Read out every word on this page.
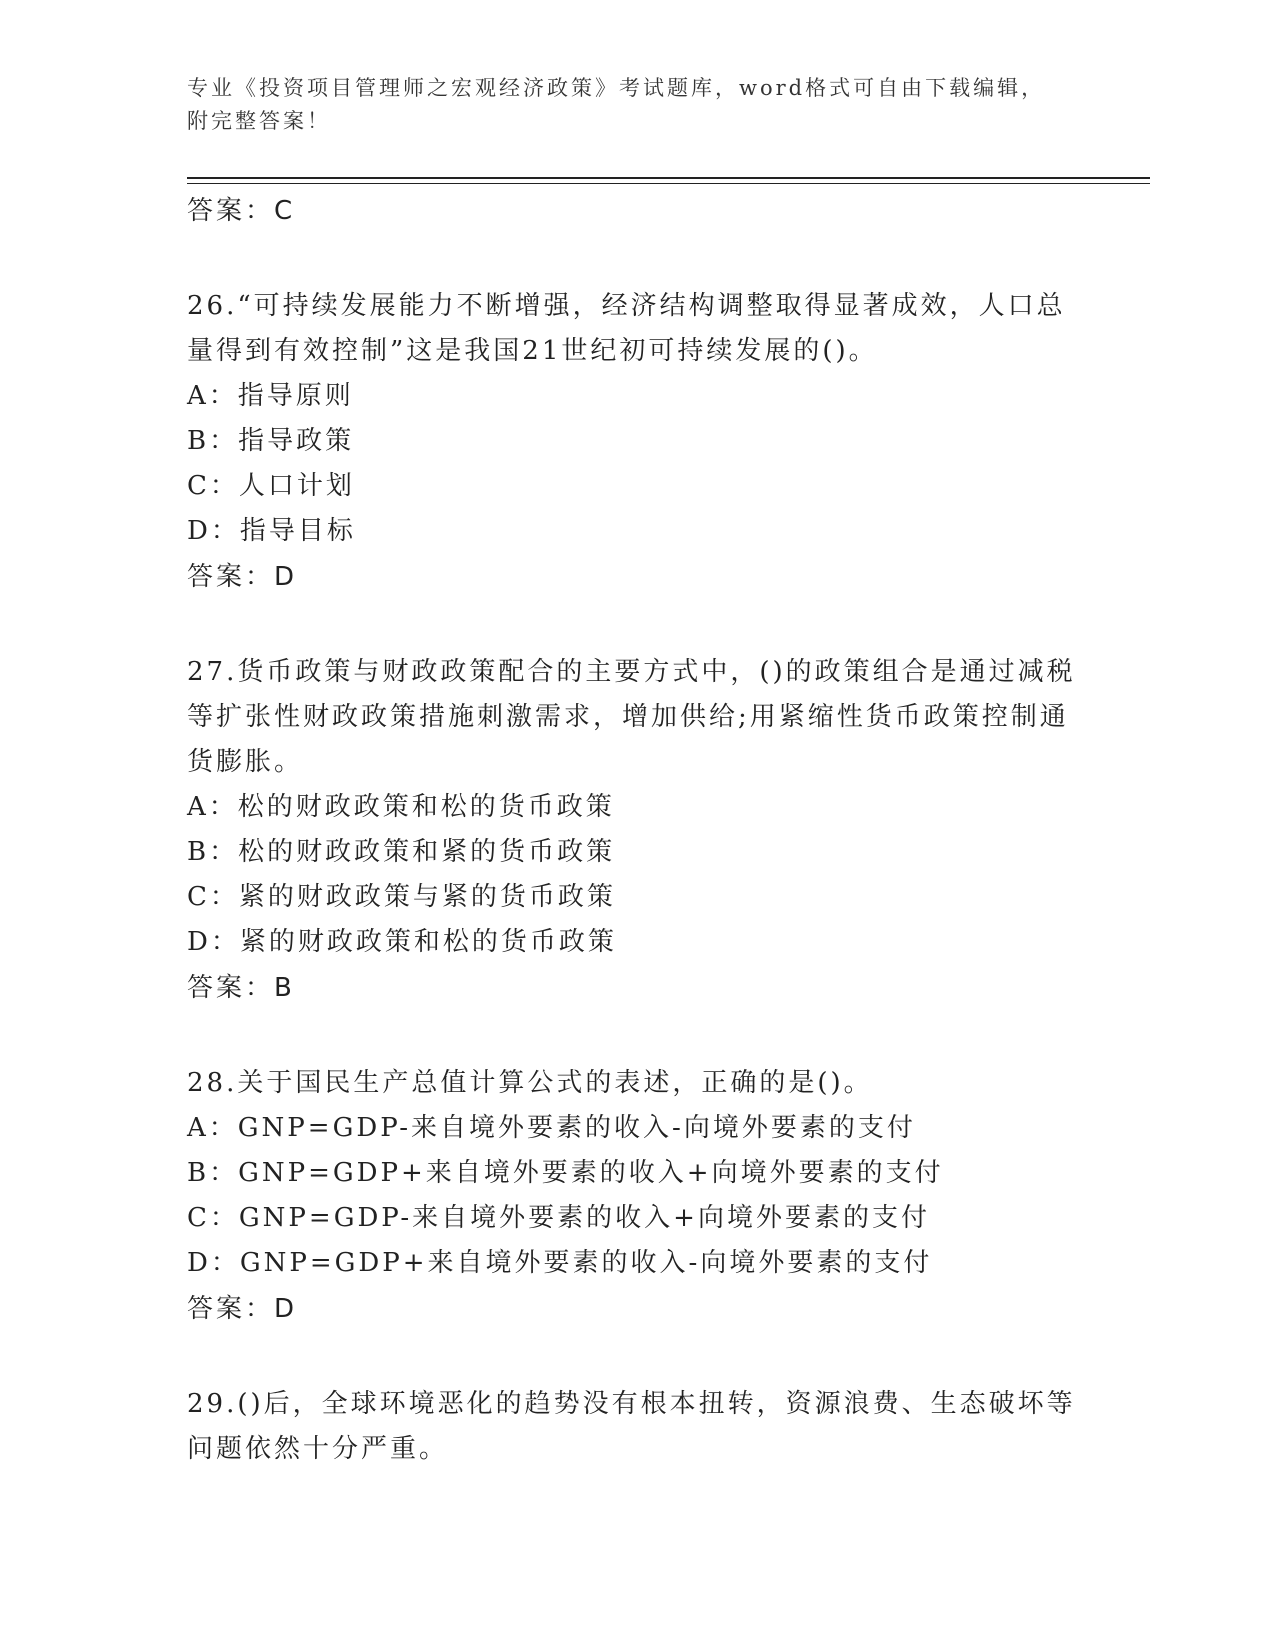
专业《投资项目管理师之宏观经济政策》考试题库，word格式可自由下载编辑，
附完整答案！
答案：C
26.“可持续发展能力不断增强，经济结构调整取得显著成效，人口总
量得到有效控制”这是我国21世纪初可持续发展的()。
A：指导原则
B：指导政策
C：人口计划
D：指导目标
答案：D
27.货币政策与财政政策配合的主要方式中，()的政策组合是通过减税
等扩张性财政政策措施刺激需求，增加供给;用紧缩性货币政策控制通
货膨胀。
A：松的财政政策和松的货币政策
B：松的财政政策和紧的货币政策
C：紧的财政政策与紧的货币政策
D：紧的财政政策和松的货币政策
答案：B
28.关于国民生产总值计算公式的表述，正确的是()。
A：GNP=GDP-来自境外要素的收入-向境外要素的支付
B：GNP=GDP+来自境外要素的收入+向境外要素的支付
C：GNP=GDP-来自境外要素的收入+向境外要素的支付
D：GNP=GDP+来自境外要素的收入-向境外要素的支付
答案：D
29.()后，全球环境恶化的趋势没有根本扭转，资源浪费、生态破坏等
问题依然十分严重。
